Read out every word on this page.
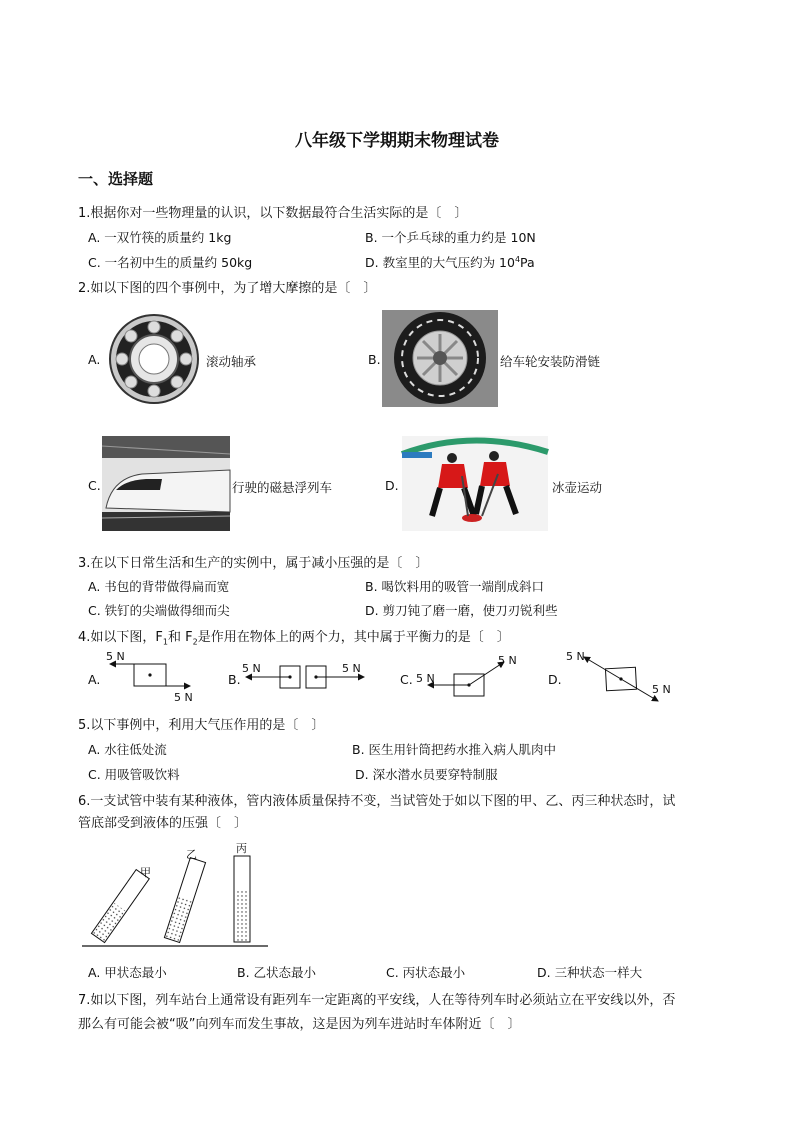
八年级下学期期末物理试卷
一、选择题
1.根据你对一些物理量的认识，以下数据最符合生活实际的是〔　〕
A. 一双竹筷的质量约 1kg	B. 一个乒乓球的重力约是 10N
C. 一名初中生的质量约 50kg	D. 教室里的大气压约为 $10^4Pa$
2.如以下图的四个事例中，为了增大摩擦的是〔　〕
A.	滚动轴承	B.	给车轮安装防滑链
C.	行驶的磁悬浮列车	D.	冰壶运动
3.在以下日常生活和生产的实例中，属于减小压强的是〔　〕
A. 书包的背带做得扁而宽	B. 喝饮料用的吸管一端削成斜口
C. 铁钉的尖端做得细而尖	D. 剪刀钝了磨一磨，使刀刃锐利些
4.如以下图，$F_1$和 $F_2$是作用在物体上的两个力，其中属于平衡力的是〔　〕
A.
5 N
5 N
B.
5 N	5 N
C. 5 N
5 N
D.
5 N
5 N
5.以下事例中，利用大气压作用的是〔　〕
A. 水往低处流	B. 医生用针筒把药水推入病人肌肉中
C. 用吸管吸饮料	D. 深水潜水员要穿特制服
6.一支试管中装有某种液体，管内液体质量保持不变，当试管处于如以下图的甲、乙、丙三种状态时，试
管底部受到液体的压强〔　〕
甲
乙	丙
A. 甲状态最小	B. 乙状态最小	C. 丙状态最小	D. 三种状态一样大
7.如以下图，列车站台上通常设有距列车一定距离的平安线，人在等待列车时必须站立在平安线以外，否
那么有可能会被“吸”向列车而发生事故，这是因为列车进站时车体附近〔　〕
